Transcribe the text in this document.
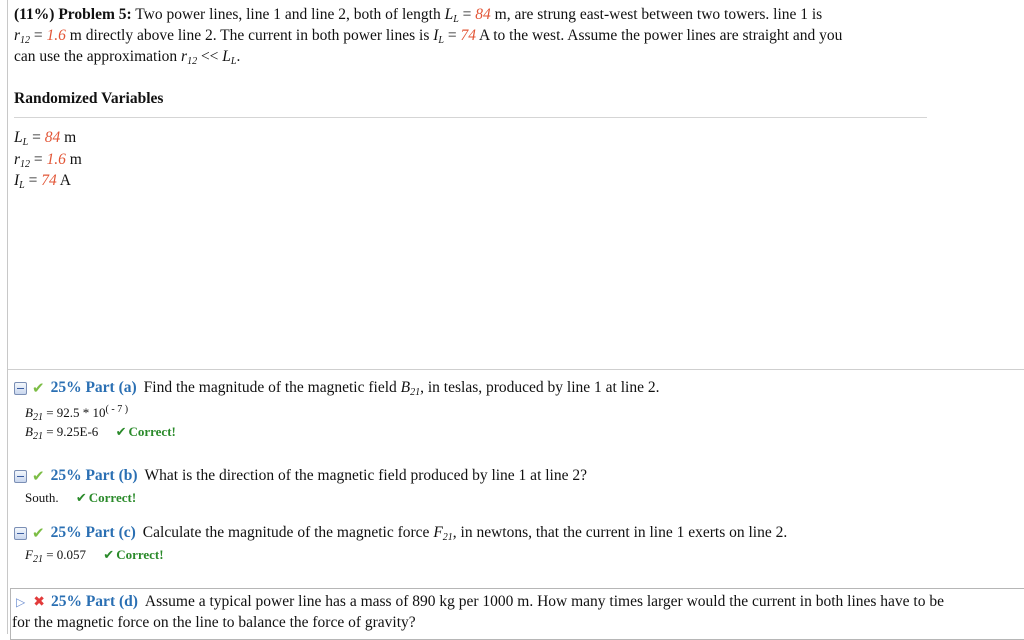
(11%) Problem 5: Two power lines, line 1 and line 2, both of length $L_L = 84$ m, are strung east-west between two towers. line 1 is
$r_{12} = 1.6$ m directly above line 2. The current in both power lines is $I_L = 74$ A to the west. Assume the power lines are straight and you
can use the approximation $r_{12} << L_L$.
Randomized Variables
$L_L = 84$ m
$r_{12} = 1.6$ m
$I_L = 74$ A
✔ 25% Part (a) Find the magnitude of the magnetic field $B_{21}$, in teslas, produced by line 1 at line 2.
$B_{21} = 92.5 * 10^{( - 7 )}$
$B_{21} = 9.25E-6$ ✔ Correct!
✔ 25% Part (b) What is the direction of the magnetic field produced by line 1 at line 2?
South. ✔ Correct!
✔ 25% Part (c) Calculate the magnitude of the magnetic force $F_{21}$, in newtons, that the current in line 1 exerts on line 2.
$F_{21} = 0.057$ ✔ Correct!
▷ ✖ 25% Part (d) Assume a typical power line has a mass of 890 kg per 1000 m. How many times larger would the current in both lines have to be
for the magnetic force on the line to balance the force of gravity?
